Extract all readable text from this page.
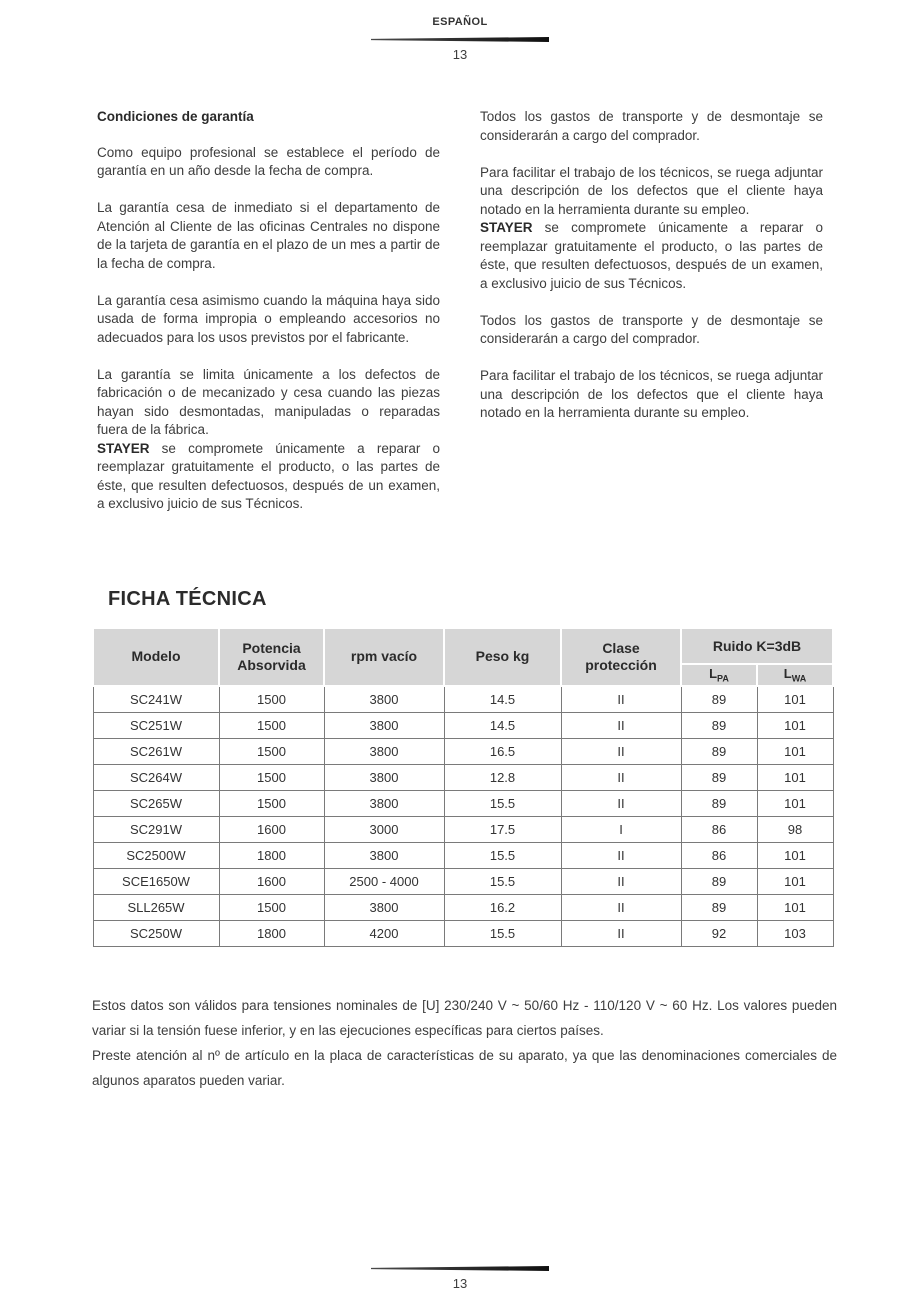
ESPAÑOL
13
Condiciones de garantía

Como equipo profesional se establece el período de garantía en un año desde la fecha de compra.

La garantía cesa de inmediato si el departamento de Atención al Cliente de las oficinas Centrales no dispone de la tarjeta de garantía en el plazo de un mes a partir de la fecha de compra.

La garantía cesa asimismo cuando la máquina haya sido usada de forma impropia o empleando accesorios no adecuados para los usos previstos por el fabricante.

La garantía se limita únicamente a los defectos de fabricación o de mecanizado y cesa cuando las piezas hayan sido desmontadas, manipuladas o reparadas fuera de la fábrica.

STAYER se compromete únicamente a reparar o reemplazar gratuitamente el producto, o las partes de éste, que resulten defectuosos, después de un examen, a exclusivo juicio de sus Técnicos.

Todos los gastos de transporte y de desmontaje se considerarán a cargo del comprador.

Para facilitar el trabajo de los técnicos, se ruega adjuntar una descripción de los defectos que el cliente haya notado en la herramienta durante su empleo.

STAYER se compromete únicamente a reparar o reemplazar gratuitamente el producto, o las partes de éste, que resulten defectuosos, después de un examen, a exclusivo juicio de sus Técnicos.

Todos los gastos de transporte y de desmontaje se considerarán a cargo del comprador.

Para facilitar el trabajo de los técnicos, se ruega adjuntar una descripción de los defectos que el cliente haya notado en la herramienta durante su empleo.

FICHA TÉCNICA
Modelo	Potencia Absorvida	rpm vacío	Peso kg	Clase protección	Ruido K=3dB	
					$L_{PA}$	$L_{WA}$
SC241W	1500	3800	14.5	II	89	101
SC251W	1500	3800	14.5	II	89	101
SC261W	1500	3800	16.5	II	89	101
SC264W	1500	3800	12.8	II	89	101
SC265W	1500	3800	15.5	II	89	101
SC291W	1600	3000	17.5	I	86	98
SC2500W	1800	3800	15.5	II	86	101
SCE1650W	1600	2500 - 4000	15.5	II	89	101
SLL265W	1500	3800	16.2	II	89	101
SC250W	1800	4200	15.5	II	92	103

Estos datos son válidos para tensiones nominales de [U] 230/240 V ~ 50/60 Hz - 110/120 V ~ 60 Hz. Los valores pueden variar si la tensión fuese inferior, y en las ejecuciones específicas para ciertos países.

Preste atención al nº de artículo en la placa de características de su aparato, ya que las denominaciones comerciales de algunos aparatos pueden variar.

13
